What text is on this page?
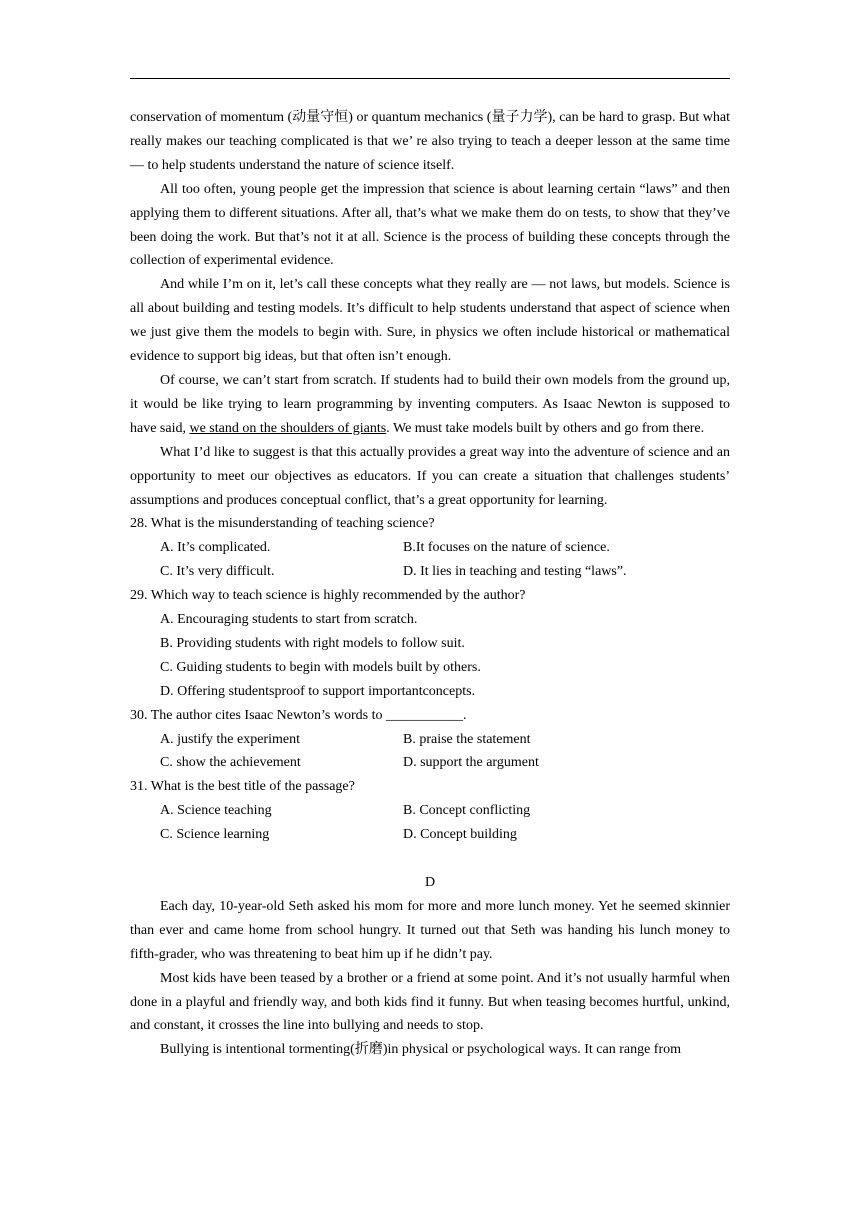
conservation of momentum (动量守恒) or quantum mechanics (量子力学), can be hard to grasp. But what really makes our teaching complicated is that we’ re also trying to teach a deeper lesson at the same time — to help students understand the nature of science itself.

All too often, young people get the impression that science is about learning certain “laws” and then applying them to different situations. After all, that’s what we make them do on tests, to show that they’ve been doing the work. But that’s not it at all. Science is the process of building these concepts through the collection of experimental evidence.

And while I’m on it, let’s call these concepts what they really are — not laws, but models. Science is all about building and testing models. It’s difficult to help students understand that aspect of science when we just give them the models to begin with. Sure, in physics we often include historical or mathematical evidence to support big ideas, but that often isn’t enough.

Of course, we can’t start from scratch. If students had to build their own models from the ground up, it would be like trying to learn programming by inventing computers. As Isaac Newton is supposed to have said, we stand on the shoulders of giants. We must take models built by others and go from there.

What I’d like to suggest is that this actually provides a great way into the adventure of science and an opportunity to meet our objectives as educators. If you can create a situation that challenges students’ assumptions and produces conceptual conflict, that’s a great opportunity for learning.

28. What is the misunderstanding of teaching science?

A. It’s complicated.	B.It focuses on the nature of science.
C. It’s very difficult.	D. It lies in teaching and testing “laws”.

29. Which way to teach science is highly recommended by the author?

A. Encouraging students to start from scratch.
B. Providing students with right models to follow suit.
C. Guiding students to begin with models built by others.
D. Offering studentsproof to support importantconcepts.

30. The author cites Isaac Newton’s words to ___________.

A. justify the experiment	B. praise the statement
C. show the achievement	D. support the argument

31. What is the best title of the passage?

A. Science teaching	B. Concept conflicting
C. Science learning	D. Concept building
D

Each day, 10-year-old Seth asked his mom for more and more lunch money. Yet he seemed skinnier than ever and came home from school hungry. It turned out that Seth was handing his lunch money to fifth-grader, who was threatening to beat him up if he didn’t pay.

Most kids have been teased by a brother or a friend at some point. And it’s not usually harmful when done in a playful and friendly way, and both kids find it funny. But when teasing becomes hurtful, unkind, and constant, it crosses the line into bullying and needs to stop.

Bullying is intentional tormenting(折磨)in physical or psychological ways. It can range from
